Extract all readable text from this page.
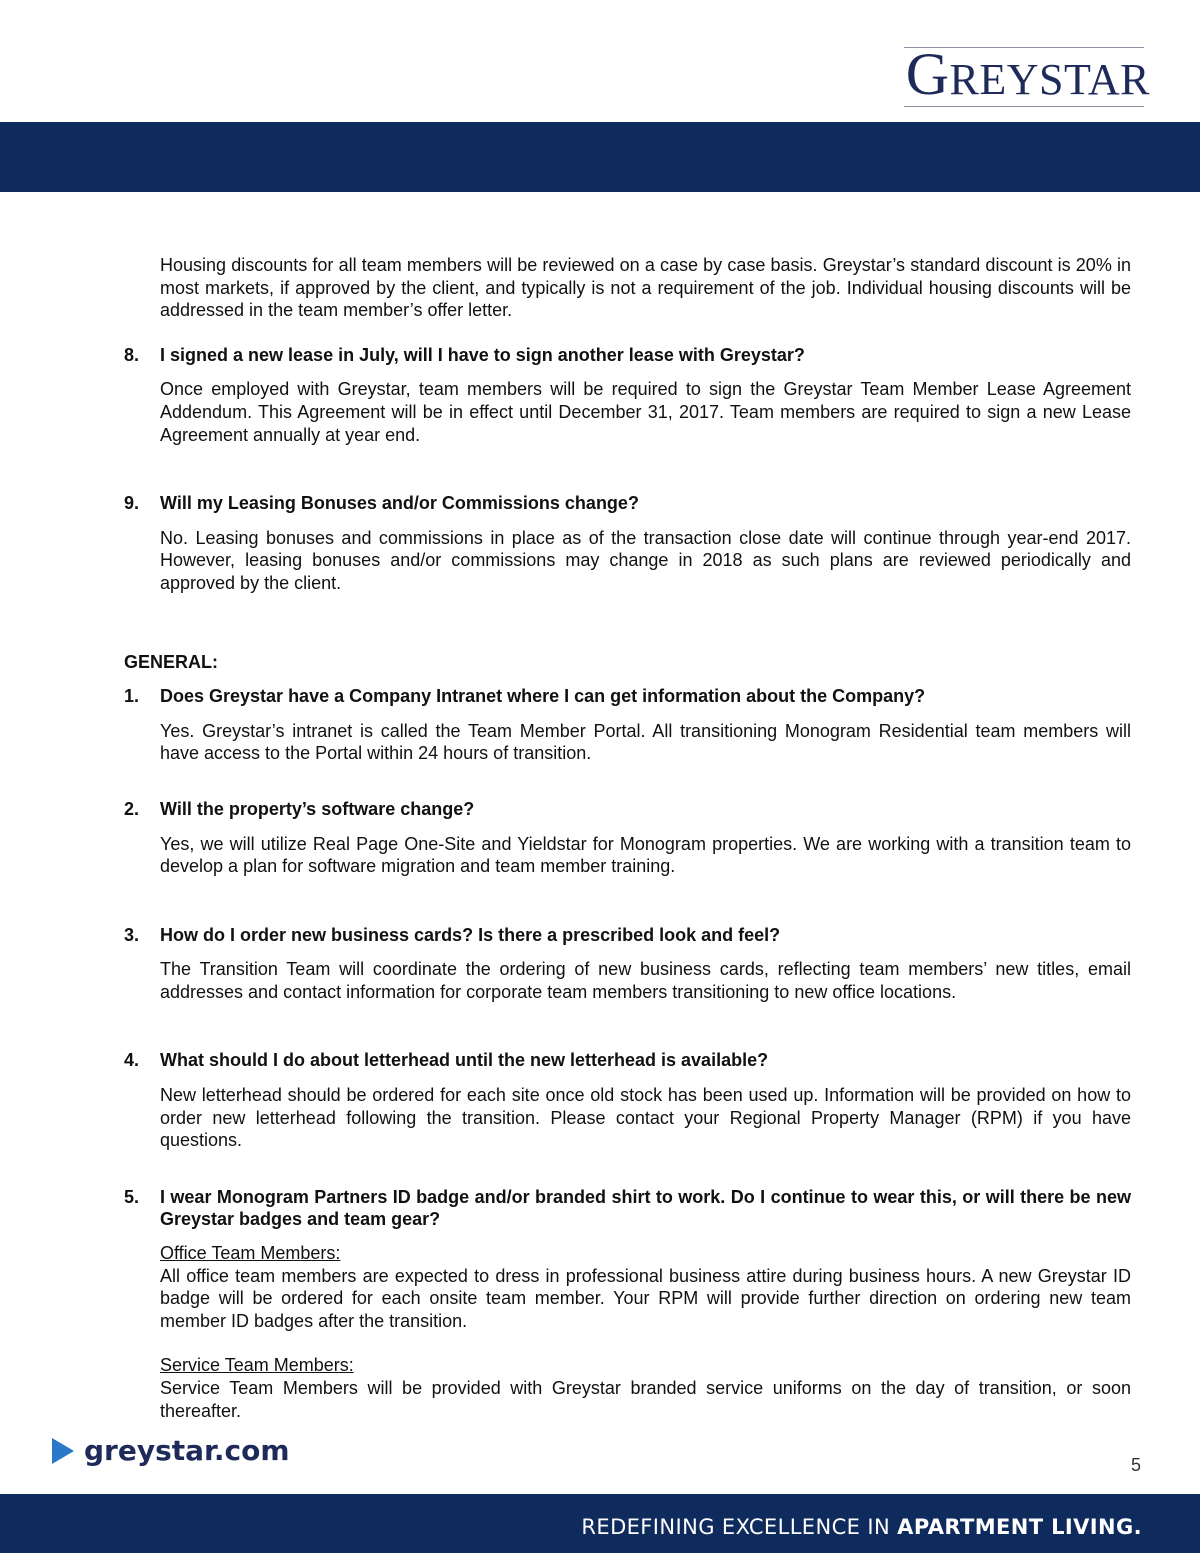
GREYSTAR

Housing discounts for all team members will be reviewed on a case by case basis. Greystar’s standard discount is 20% in most markets, if approved by the client, and typically is not a requirement of the job. Individual housing discounts will be addressed in the team member’s offer letter.

8. I signed a new lease in July, will I have to sign another lease with Greystar?

Once employed with Greystar, team members will be required to sign the Greystar Team Member Lease Agreement Addendum. This Agreement will be in effect until December 31, 2017. Team members are required to sign a new Lease Agreement annually at year end.

9. Will my Leasing Bonuses and/or Commissions change?

No. Leasing bonuses and commissions in place as of the transaction close date will continue through year-end 2017. However, leasing bonuses and/or commissions may change in 2018 as such plans are reviewed periodically and approved by the client.

GENERAL:
1. Does Greystar have a Company Intranet where I can get information about the Company?

Yes. Greystar’s intranet is called the Team Member Portal. All transitioning Monogram Residential team members will have access to the Portal within 24 hours of transition.

2. Will the property’s software change?

Yes, we will utilize Real Page One-Site and Yieldstar for Monogram properties. We are working with a transition team to develop a plan for software migration and team member training.

3. How do I order new business cards? Is there a prescribed look and feel?

The Transition Team will coordinate the ordering of new business cards, reflecting team members’ new titles, email addresses and contact information for corporate team members transitioning to new office locations.

4. What should I do about letterhead until the new letterhead is available?

New letterhead should be ordered for each site once old stock has been used up. Information will be provided on how to order new letterhead following the transition. Please contact your Regional Property Manager (RPM) if you have questions.

5. I wear Monogram Partners ID badge and/or branded shirt to work. Do I continue to wear this, or will there be new Greystar badges and team gear?
Office Team Members:
All office team members are expected to dress in professional business attire during business hours. A new Greystar ID badge will be ordered for each onsite team member. Your RPM will provide further direction on ordering new team member ID badges after the transition.
Service Team Members:
Service Team Members will be provided with Greystar branded service uniforms on the day of transition, or soon thereafter.
greystar.com	5
REDEFINING EXCELLENCE IN APARTMENT LIVING.
